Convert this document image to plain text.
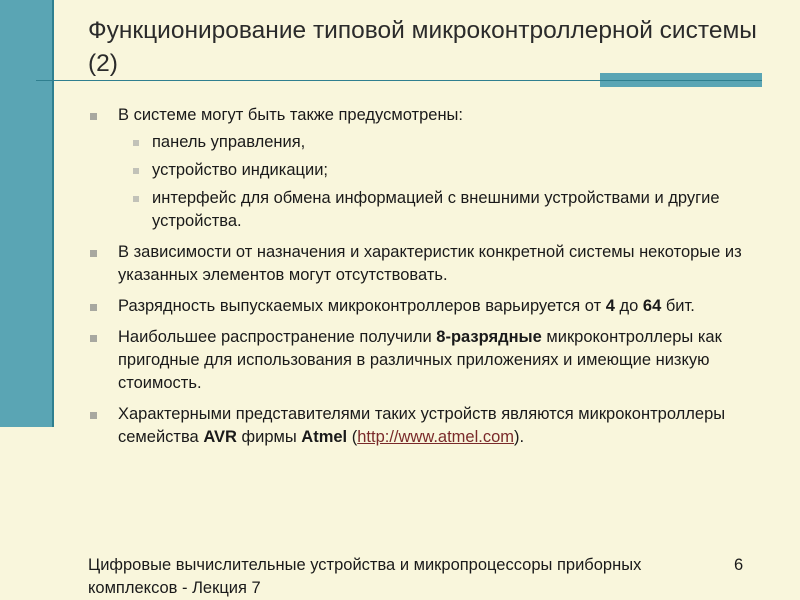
Функционирование типовой микроконтроллерной системы (2)
В системе могут быть также предусмотрены:
панель управления,
устройство индикации;
интерфейс для обмена информацией с внешними устройствами и другие устройства.
В зависимости от назначения и характеристик конкретной системы некоторые из указанных элементов могут отсутствовать.
Разрядность выпускаемых микроконтроллеров варьируется от 4 до 64 бит.
Наибольшее распространение получили 8-разрядные микроконтроллеры как пригодные для использования в различных приложениях и имеющие низкую стоимость.
Характерными представителями таких устройств являются микроконтроллеры семейства AVR фирмы Atmel (http://www.atmel.com).
Цифровые вычислительные устройства и микропроцессоры приборных комплексов - Лекция 7
6
